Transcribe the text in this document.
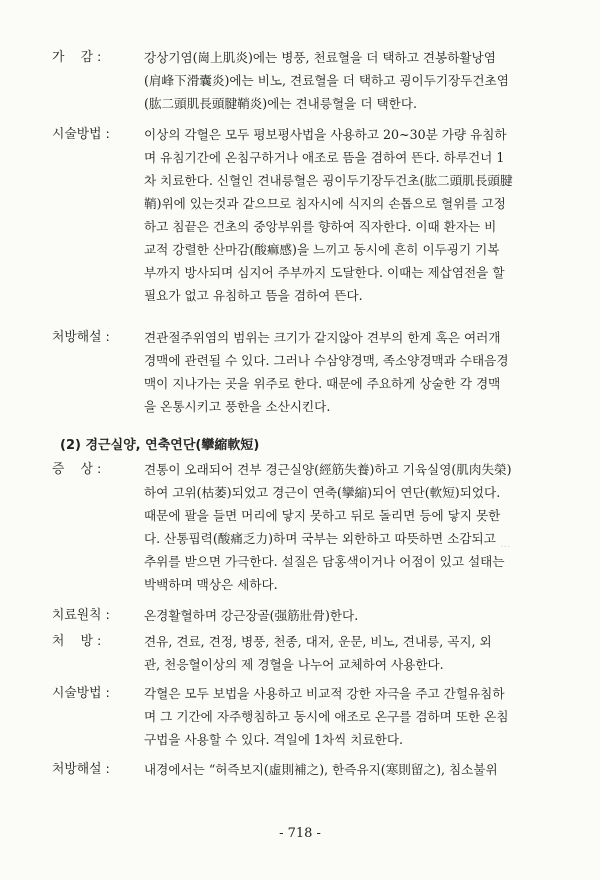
···
가    감 :	강상기염(崗上肌炎)에는 병풍, 천료혈을 더 택하고 견봉하활낭염
(肩峰下滑囊炎)에는 비노, 견료혈을 더 택하고 굉이두기장두건초염
(肱二頭肌長頭腱鞘炎)에는 견내릉혈을 더 택한다.
시술방법 :	이상의 각혈은 모두 평보평사법을 사용하고 20~30분 가량 유침하
며 유침기간에 온침구하거나 애조로 뜸을 겸하여 뜬다. 하루건너 1
차 치료한다. 신혈인 견내릉혈은 굉이두기장두건초(肱二頭肌長頭腱
鞘)위에 있는것과 같으므로 침자시에 식지의 손톱으로 혈위를 고정
하고 침끝은 건초의 중앙부위를 향하여 직자한다. 이때 환자는 비
교적 강렬한 산마감(酸痲感)을 느끼고 동시에 흔히 이두굉기 기복
부까지 방사되며 심지어 주부까지 도달한다. 이때는 제삽염전을 할
필요가 없고 유침하고 뜸을 겸하여 뜬다.
처방해설 :	견관절주위염의 범위는 크기가 같지않아 견부의 한계 혹은 여러개
경맥에 관련될 수 있다. 그러나 수삼양경맥, 족소양경맥과 수태음경
맥이 지나가는 곳을 위주로 한다. 때문에 주요하게 상술한 각 경맥
을 온통시키고 풍한을 소산시킨다.
(2) 경근실양, 연축연단(攣縮軟短)
증    상 :	견통이 오래되어 견부 경근실양(經筋失養)하고 기육실영(肌肉失榮)
하여 고위(枯萎)되었고 경근이 연축(攣縮)되어 연단(軟短)되었다.
때문에 팔을 들면 머리에 닿지 못하고 뒤로 돌리면 등에 닿지 못한
다. 산통핍력(酸痛乏力)하며 국부는 외한하고 따뜻하면 소감되고
추위를 받으면 가극한다. 설질은 담홍색이거나 어점이 있고 설태는
박백하며 맥상은 세하다.
치료원칙 :	온경활혈하며 강근장골(强筋壯骨)한다.
처    방 :	견유, 견료, 견정, 병풍, 천종, 대저, 운문, 비노, 견내릉, 곡지, 외
관, 천응혈이상의 제 경혈을 나누어 교체하여 사용한다.
시술방법 :	각혈은 모두 보법을 사용하고 비교적 강한 자극을 주고 간헐유침하
며 그 기간에 자주행침하고 동시에 애조로 온구를 겸하며 또한 온침
구법을 사용할 수 있다. 격일에 1차씩 치료한다.
처방해설 :	내경에서는 “허즉보지(虛則補之), 한즉유지(寒則留之), 침소불위
- 718 -
